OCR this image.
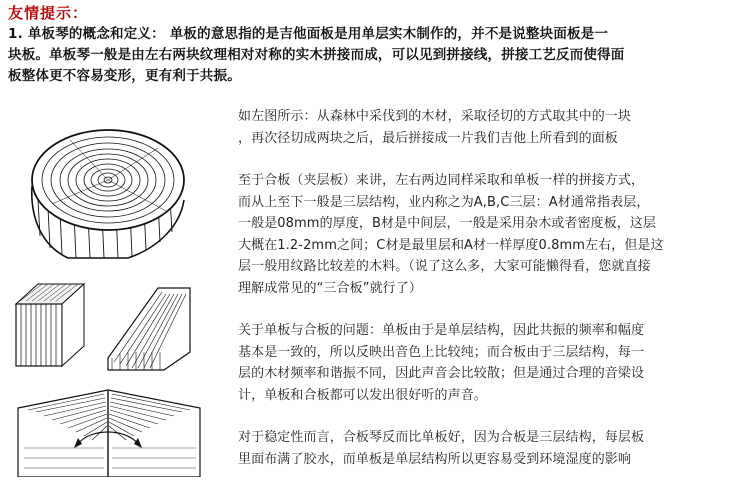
友情提示：

1. 单板琴的概念和定义： 单板的意思指的是吉他面板是用单层实木制作的，并不是说整块面板是一

块板。单板琴一般是由左右两块纹理相对对称的实木拼接而成，可以见到拼接线，拼接工艺反而使得面

板整体更不容易变形，更有利于共振。

如左图所示：从森林中采伐到的木材，采取径切的方式取其中的一块
，再次径切成两块之后，最后拼接成一片我们吉他上所看到的面板
至于合板（夹层板）来讲，左右两边同样采取和单板一样的拼接方式，
而从上至下一般是三层结构，业内称之为A,B,C三层：A材通常指表层，
一般是08mm的厚度，B材是中间层，一般是采用杂木或者密度板，这层
大概在1.2-2mm之间；C材是最里层和A材一样厚度0.8mm左右，但是这
层一般用纹路比较差的木料。（说了这么多，大家可能懒得看，您就直接
理解成常见的“三合板”就行了）
关于单板与合板的问题：单板由于是单层结构，因此共振的频率和幅度
基本是一致的，所以反映出音色上比较纯；而合板由于三层结构，每一
层的木材频率和谐振不同，因此声音会比较散；但是通过合理的音梁设
计，单板和合板都可以发出很好听的声音。
对于稳定性而言，合板琴反而比单板好，因为合板是三层结构，每层板
里面布满了胶水，而单板是单层结构所以更容易受到环境湿度的影响
